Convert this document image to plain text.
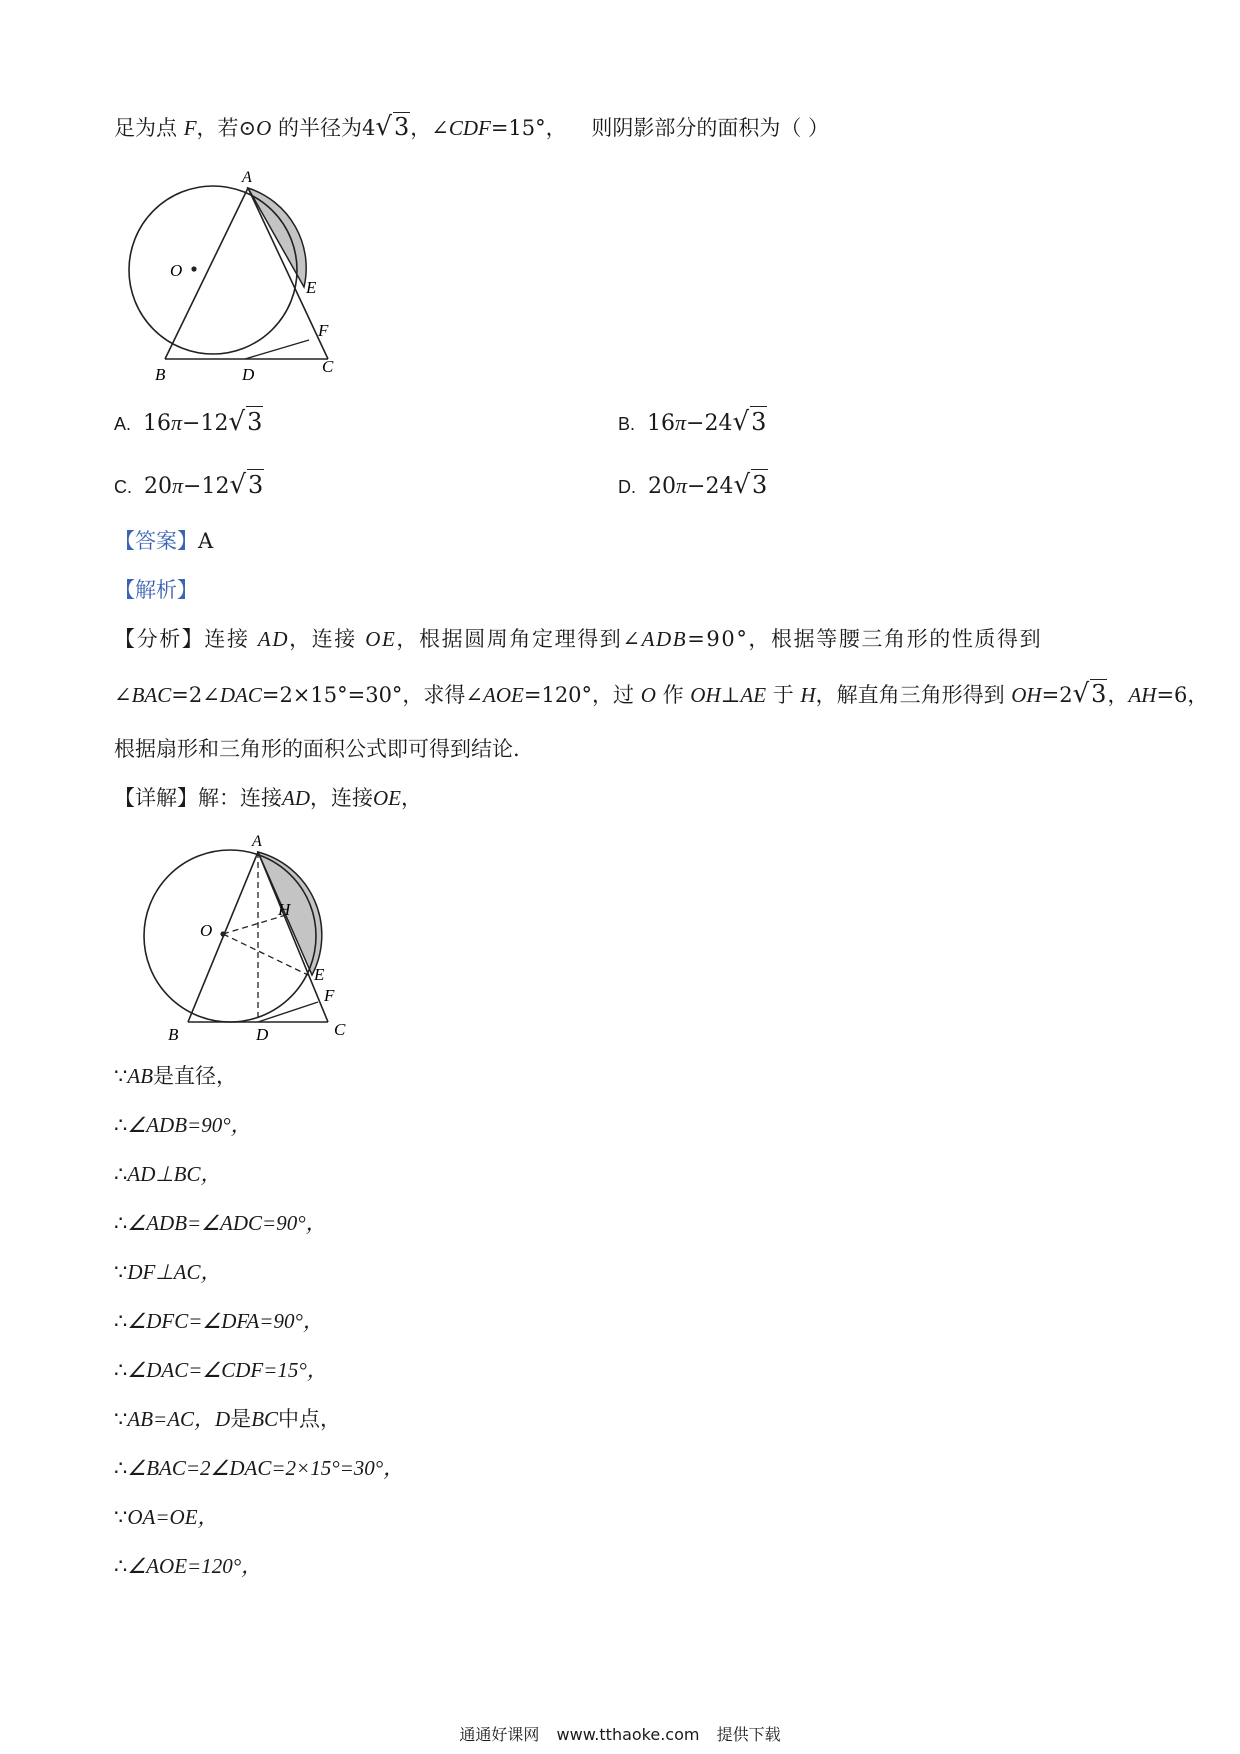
足为点 F，若⊙O 的半径为4√3，∠CDF=15°， 则阴影部分的面积为（ ）
A
O
E
F
B	D	C
A. 16π−12√3	B. 16π−24√3
C. 20π−12√3	D. 20π−24√3
【答案】A
【解析】
【分析】连接 AD，连接 OE，根据圆周角定理得到∠ADB=90°，根据等腰三角形的性质得到
∠BAC=2∠DAC=2×15°=30°，求得∠AOE=120°，过 O 作 OH⊥AE 于 H，解直角三角形得到 OH=2√3，AH=6，
根据扇形和三角形的面积公式即可得到结论.
【详解】解：连接AD，连接OE，
A
H
O
E
F
B	D	C
∵AB是直径，
∴∠ADB=90°，
∴AD⊥BC，
∴∠ADB=∠ADC=90°，
∵DF⊥AC，
∴∠DFC=∠DFA=90°，
∴∠DAC=∠CDF=15°，
∵AB=AC，D是BC中点，
∴∠BAC=2∠DAC=2×15°=30°，
∵OA=OE，
∴∠AOE=120°，
通通好课网 www.tthaoke.com 提供下载
